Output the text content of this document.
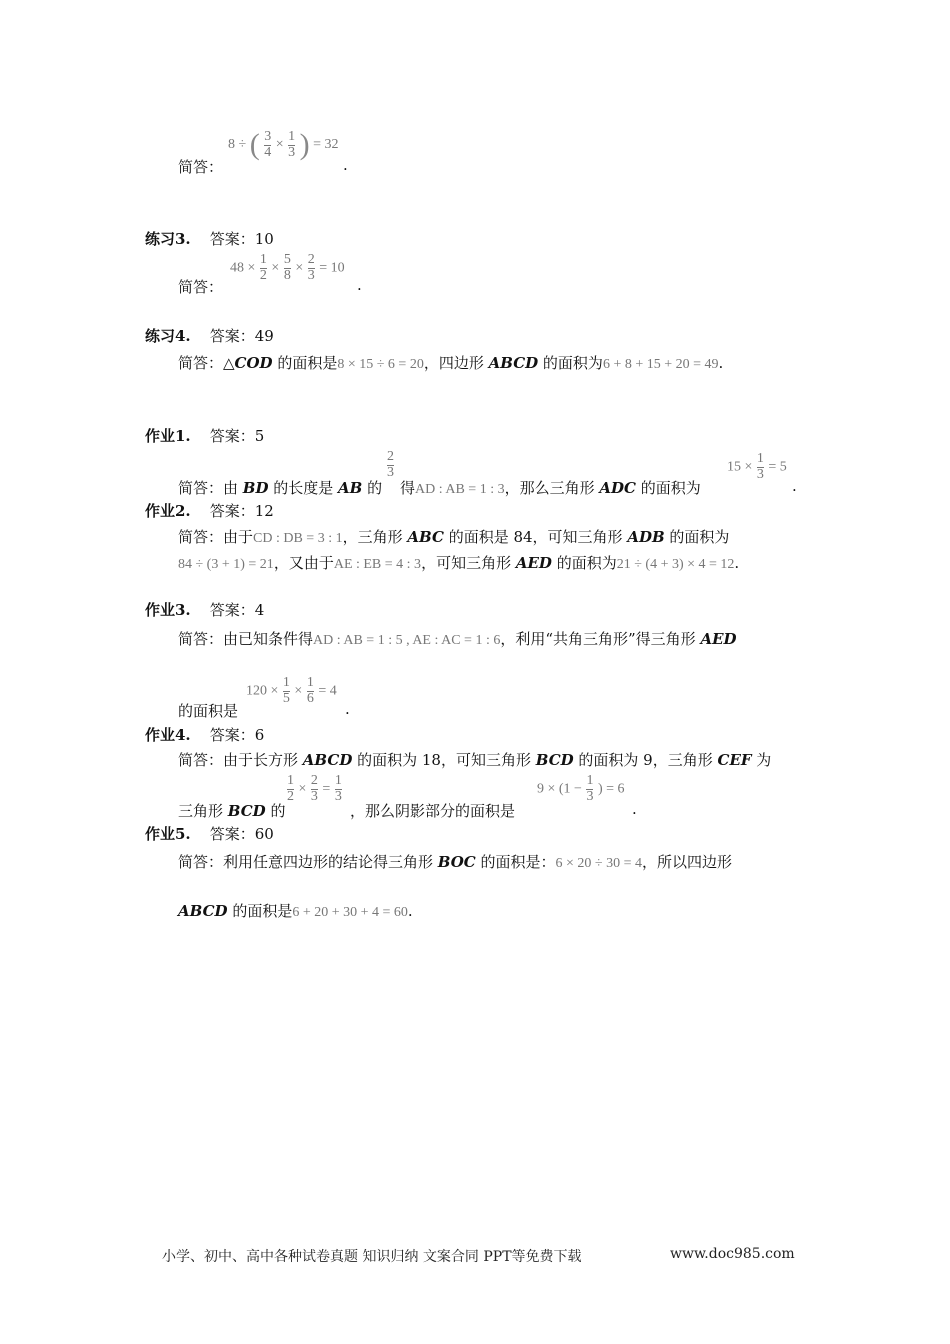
简答：
8 ÷ ( $\frac{3}{4} \times \frac{1}{3}$ ) = 32
.
练习3. 答案：10
简答：
$48 \times \frac{1}{2} \times \frac{5}{8} \times \frac{2}{3} = 10$
.
练习4. 答案：49
简答：△COD 的面积是8 × 15 ÷ 6 = 20，四边形 ABCD 的面积为6 + 8 + 15 + 20 = 49.
作业1. 答案：5
简答：由 BD 的长度是 AB 的
$\frac{2}{3}$
得AD : AB = 1 : 3，那么三角形 ADC 的面积为
$15 \times \frac{1}{3} = 5$
.
作业2. 答案：12
简答：由于CD : DB = 3 : 1，三角形 ABC 的面积是 84，可知三角形 ADB 的面积为
84 ÷ (3 + 1) = 21，又由于AE : EB = 4 : 3，可知三角形 AED 的面积为21 ÷ (4 + 3) × 4 = 12.
作业3. 答案：4
简答：由已知条件得AD : AB = 1 : 5 , AE : AC = 1 : 6，利用“共角三角形”得三角形 AED
的面积是
$120 \times \frac{1}{5} \times \frac{1}{6} = 4$
.
作业4. 答案：6
简答：由于长方形 ABCD 的面积为 18，可知三角形 BCD 的面积为 9，三角形 CEF 为
三角形 BCD 的
$\frac{1}{2} \times \frac{2}{3} = \frac{1}{3}$
，那么阴影部分的面积是
$9 \times (1 - \frac{1}{3}$ ) = 6
.
作业5. 答案：60
简答：利用任意四边形的结论得三角形 BOC 的面积是：6 × 20 ÷ 30 = 4，所以四边形
ABCD 的面积是6 + 20 + 30 + 4 = 60.
小学、初中、高中各种试卷真题 知识归纳 文案合同 PPT等免费下载	www.doc985.com
